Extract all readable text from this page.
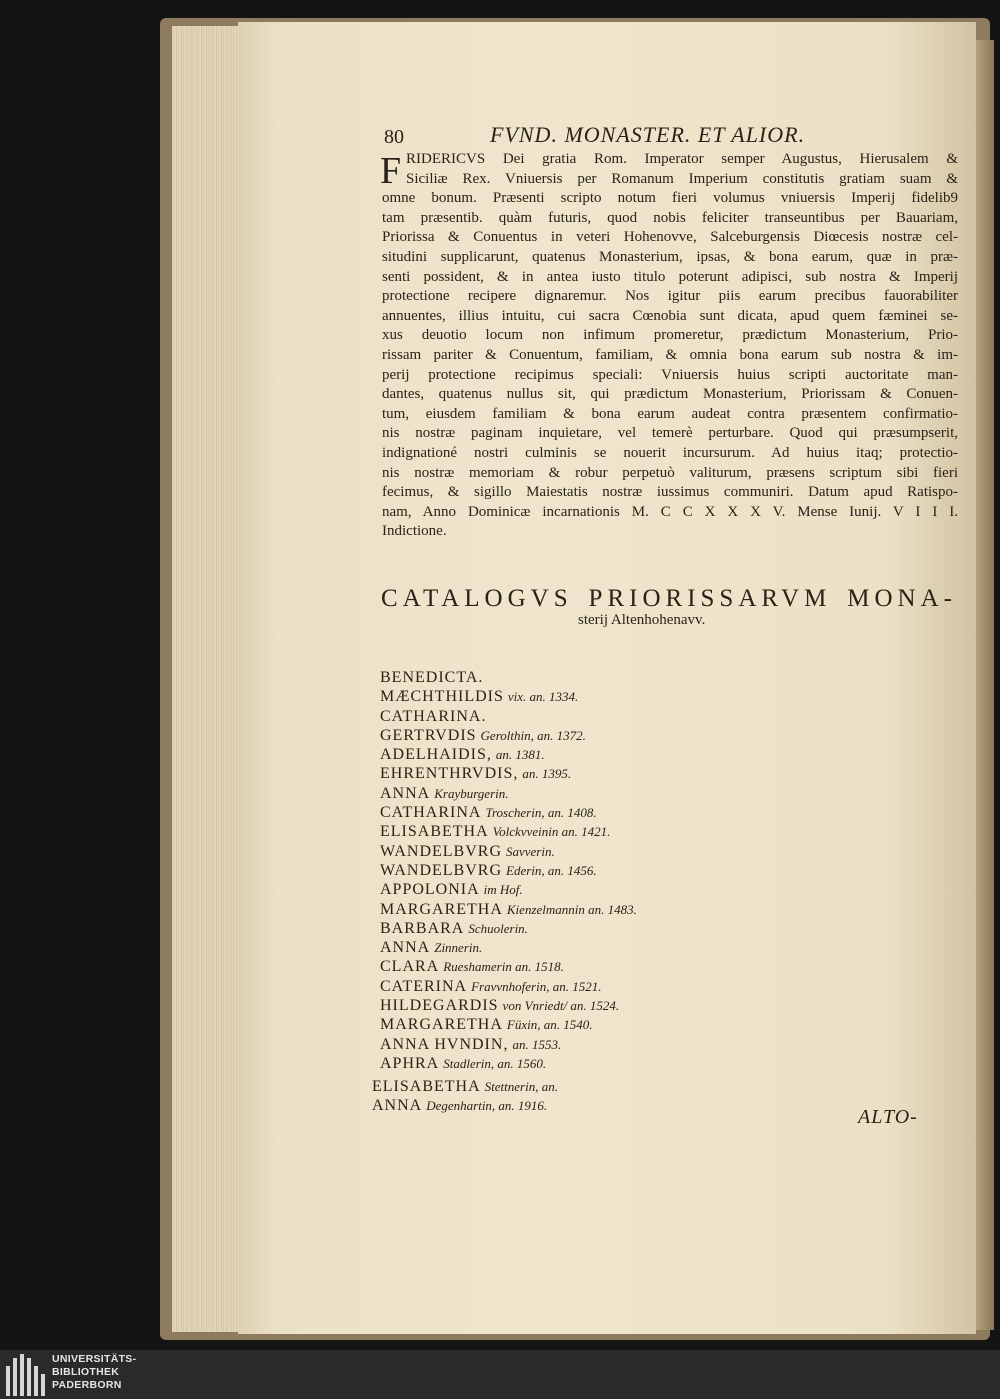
80	FVND. MONASTER. ET ALIOR.
F RIDERICVS Dei gratia Rom. Imperator semper Augustus, Hierusalem &
Siciliæ Rex. Vniuersis per Romanum Imperium constitutis gratiam suam &
omne bonum. Præsenti scripto notum fieri volumus vniuersis Imperij fidelib9
tam præsentib. quàm futuris, quod nobis feliciter transeuntibus per Bauariam,
Priorissa & Conuentus in veteri Hohenovve, Salceburgensis Diœcesis nostræ cel-
situdini supplicarunt, quatenus Monasterium, ipsas, & bona earum, quæ in præ-
senti possident, & in antea iusto titulo poterunt adipisci, sub nostra & Imperij
protectione recipere dignaremur. Nos igitur piis earum precibus fauorabiliter
annuentes, illius intuitu, cui sacra Cœnobia sunt dicata, apud quem fæminei se-
xus deuotio locum non infimum promeretur, prædictum Monasterium, Prio-
rissam pariter & Conuentum, familiam, & omnia bona earum sub nostra & im-
perij protectione recipimus speciali: Vniuersis huius scripti auctoritate man-
dantes, quatenus nullus sit, qui prædictum Monasterium, Priorissam & Conuen-
tum, eiusdem familiam & bona earum audeat contra præsentem confirmatio-
nis nostræ paginam inquietare, vel temerè perturbare. Quod qui præsumpserit,
indignationé nostri culminis se nouerit incursurum. Ad huius itaq; protectio-
nis nostræ memoriam & robur perpetuò valiturum, præsens scriptum sibi fieri
fecimus, & sigillo Maiestatis nostræ iussimus communiri. Datum apud Ratispo-
nam, Anno Dominicæ incarnationis M. C C X X X V. Mense Iunij. V I I I.
Indictione.
CATALOGVS PRIORISSARVM MONA-
sterij Altenhohenavv.
BENEDICTA.
MÆCHTHILDIS vix. an. 1334.
CATHARINA.
GERTRVDIS Gerolthin, an. 1372.
ADELHAIDIS, an. 1381.
EHRENTHRVDIS, an. 1395.
ANNA Krayburgerin.
CATHARINA Troscherin, an. 1408.
ELISABETHA Volckvveinin an. 1421.
WANDELBVRG Savverin.
WANDELBVRG Ederin, an. 1456.
APPOLONIA im Hof.
MARGARETHA Kienzelmannin an. 1483.
BARBARA Schuolerin.
ANNA Zinnerin.
CLARA Rueshamerin an. 1518.
CATERINA Fravvnhoferin, an. 1521.
HILDEGARDIS von Vnriedt/ an. 1524.
MARGARETHA Füxin, an. 1540.
ANNA HVNDIN, an. 1553.
APHRA Stadlerin, an. 1560.
ELISABETHA Stettnerin, an.
ANNA Degenhartin, an. 1916.
ALTO-
UNIVERSITÄTS-
BIBLIOTHEK
PADERBORN
